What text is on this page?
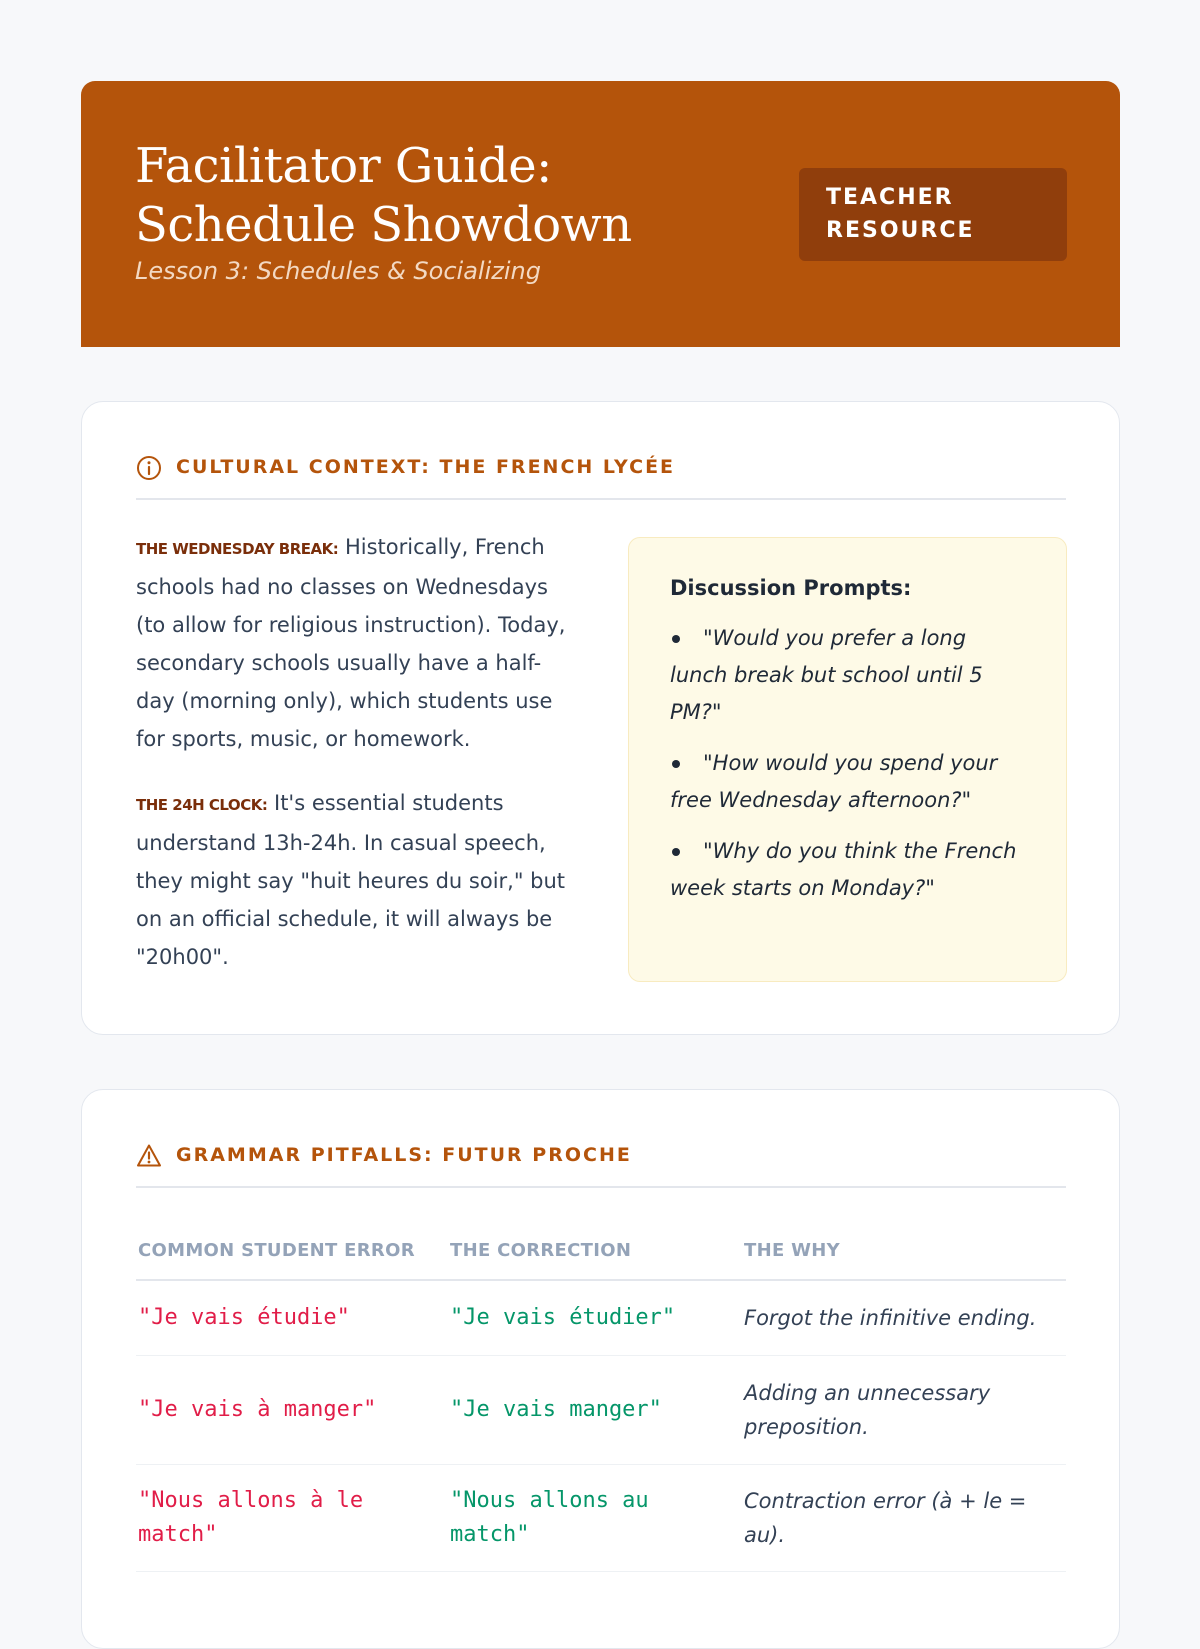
Facilitator Guide: Schedule Showdown
Lesson 3: Schedules & Socializing
TEACHER RESOURCE
CULTURAL CONTEXT: THE FRENCH LYCÉE

THE WEDNESDAY BREAK: Historically, French schools had no classes on Wednesdays (to allow for religious instruction). Today, secondary schools usually have a half-day (morning only), which students use for sports, music, or homework.

THE 24H CLOCK: It's essential students understand 13h-24h. In casual speech, they might say "huit heures du soir," but on an official schedule, it will always be "20h00".

Discussion Prompts:
"Would you prefer a long lunch break but school until 5 PM?"
"How would you spend your free Wednesday afternoon?"
"Why do you think the French week starts on Monday?"
GRAMMAR PITFALLS: FUTUR PROCHE
COMMON STUDENT ERROR	THE CORRECTION	THE WHY
"Je vais étudie"	"Je vais étudier"	Forgot the infinitive ending.
"Je vais à manger"	"Je vais manger"	Adding an unnecessary preposition.
"Nous allons à le match"	"Nous allons au match"	Contraction error (à + le = au).
